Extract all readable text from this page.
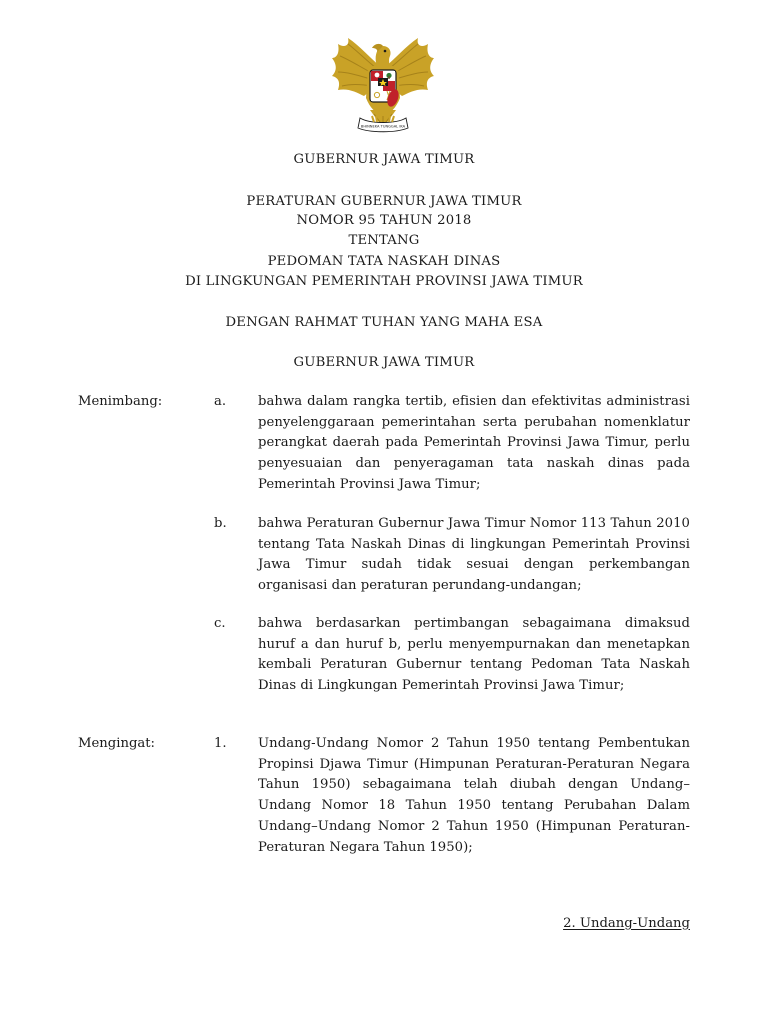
BHINNEKA TUNGGAL IKA
GUBERNUR JAWA TIMUR
PERATURAN GUBERNUR JAWA TIMUR
NOMOR 95 TAHUN 2018
TENTANG
PEDOMAN TATA NASKAH DINAS
DI LINGKUNGAN PEMERINTAH PROVINSI JAWA TIMUR
DENGAN RAHMAT TUHAN YANG MAHA ESA
GUBERNUR JAWA TIMUR
Menimbang:	a. bahwa dalam rangka tertib, efisien dan efektivitas administrasi penyelenggaraan pemerintahan serta perubahan nomenklatur perangkat daerah pada Pemerintah Provinsi Jawa Timur, perlu penyesuaian dan penyeragaman tata naskah dinas pada Pemerintah Provinsi Jawa Timur;
b. bahwa Peraturan Gubernur Jawa Timur Nomor 113 Tahun 2010 tentang Tata Naskah Dinas di lingkungan Pemerintah Provinsi Jawa Timur sudah tidak sesuai dengan perkembangan organisasi dan peraturan perundang-undangan;
c. bahwa berdasarkan pertimbangan sebagaimana dimaksud huruf a dan huruf b, perlu menyempurnakan dan menetapkan kembali Peraturan Gubernur tentang Pedoman Tata Naskah Dinas di Lingkungan Pemerintah Provinsi Jawa Timur;
Mengingat:	1. Undang-Undang Nomor 2 Tahun 1950 tentang Pembentukan Propinsi Djawa Timur (Himpunan Peraturan-Peraturan Negara Tahun 1950) sebagaimana telah diubah dengan Undang–Undang Nomor 18 Tahun 1950 tentang Perubahan Dalam Undang–Undang Nomor 2 Tahun 1950 (Himpunan Peraturan-Peraturan Negara Tahun 1950);
2. Undang-Undang
